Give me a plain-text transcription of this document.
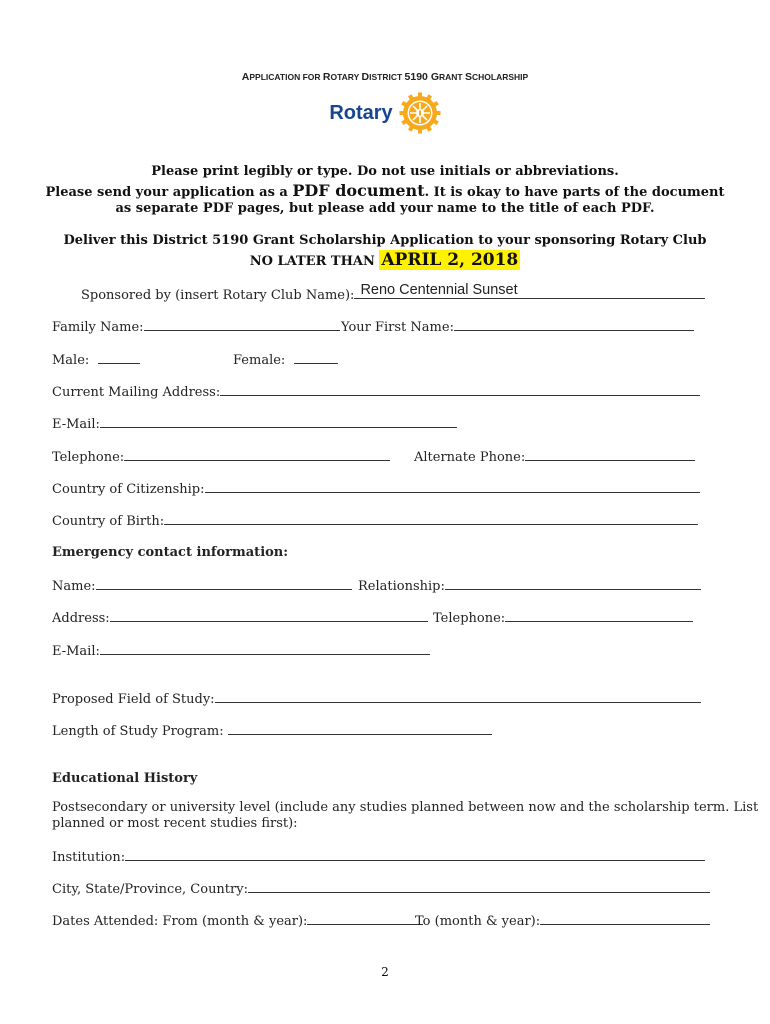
APPLICATION FOR ROTARY DISTRICT 5190 GRANT SCHOLARSHIP
Rotary
Please print legibly or type. Do not use initials or abbreviations.
Please send your application as a PDF document. It is okay to have parts of the document
as separate PDF pages, but please add your name to the title of each PDF.
Deliver this District 5190 Grant Scholarship Application to your sponsoring Rotary Club
NO LATER THAN APRIL 2, 2018
Sponsored by (insert Rotary Club Name): Reno Centennial Sunset
Family Name:	Your First Name:
Male:	Female:
Current Mailing Address:
E-Mail:
Telephone:	Alternate Phone:
Country of Citizenship:
Country of Birth:
Emergency contact information:
Name:	Relationship:
Address:	Telephone:
E-Mail:
Proposed Field of Study:
Length of Study Program:
Educational History
Postsecondary or university level (include any studies planned between now and the scholarship term. List
planned or most recent studies first):
Institution:
City, State/Province, Country:
Dates Attended: From (month & year):	To (month & year):
2
